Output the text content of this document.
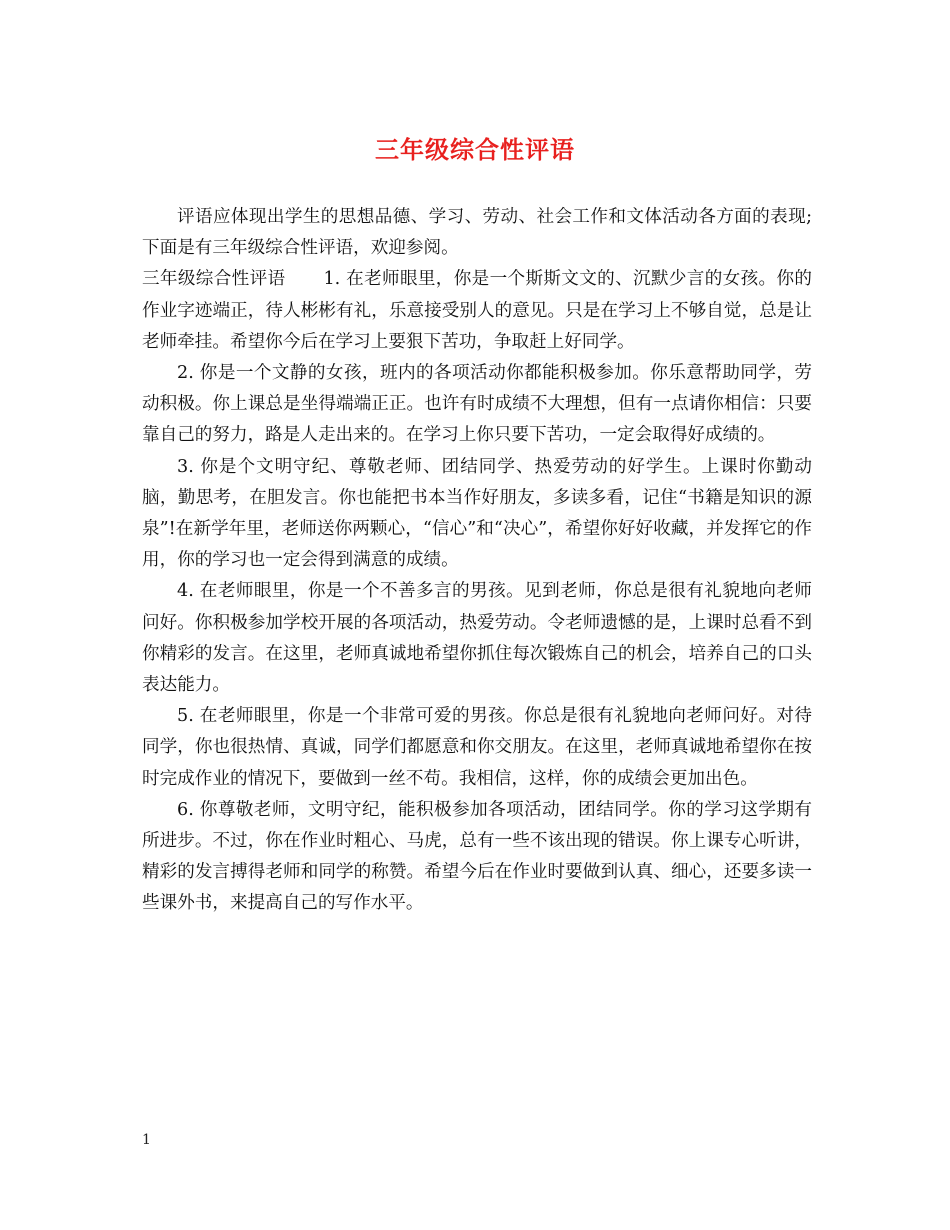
三年级综合性评语

评语应体现出学生的思想品德、学习、劳动、社会工作和文体活动各方面的表现;下面是有三年级综合性评语，欢迎参阅。

三年级综合性评语 1. 在老师眼里，你是一个斯斯文文的、沉默少言的女孩。你的作业字迹端正，待人彬彬有礼，乐意接受别人的意见。只是在学习上不够自觉，总是让老师牵挂。希望你今后在学习上要狠下苦功，争取赶上好同学。

2. 你是一个文静的女孩，班内的各项活动你都能积极参加。你乐意帮助同学，劳动积极。你上课总是坐得端端正正。也许有时成绩不大理想，但有一点请你相信：只要靠自己的努力，路是人走出来的。在学习上你只要下苦功，一定会取得好成绩的。

3. 你是个文明守纪、尊敬老师、团结同学、热爱劳动的好学生。上课时你勤动脑，勤思考，在胆发言。你也能把书本当作好朋友，多读多看，记住“书籍是知识的源泉”!在新学年里，老师送你两颗心，“信心”和“决心”，希望你好好收藏，并发挥它的作用，你的学习也一定会得到满意的成绩。

4. 在老师眼里，你是一个不善多言的男孩。见到老师，你总是很有礼貌地向老师问好。你积极参加学校开展的各项活动，热爱劳动。令老师遗憾的是，上课时总看不到你精彩的发言。在这里，老师真诚地希望你抓住每次锻炼自己的机会，培养自己的口头表达能力。

5. 在老师眼里，你是一个非常可爱的男孩。你总是很有礼貌地向老师问好。对待同学，你也很热情、真诚，同学们都愿意和你交朋友。在这里，老师真诚地希望你在按时完成作业的情况下，要做到一丝不苟。我相信，这样，你的成绩会更加出色。

6. 你尊敬老师，文明守纪，能积极参加各项活动，团结同学。你的学习这学期有所进步。不过，你在作业时粗心、马虎，总有一些不该出现的错误。你上课专心听讲，精彩的发言搏得老师和同学的称赞。希望今后在作业时要做到认真、细心，还要多读一些课外书，来提高自己的写作水平。

1
